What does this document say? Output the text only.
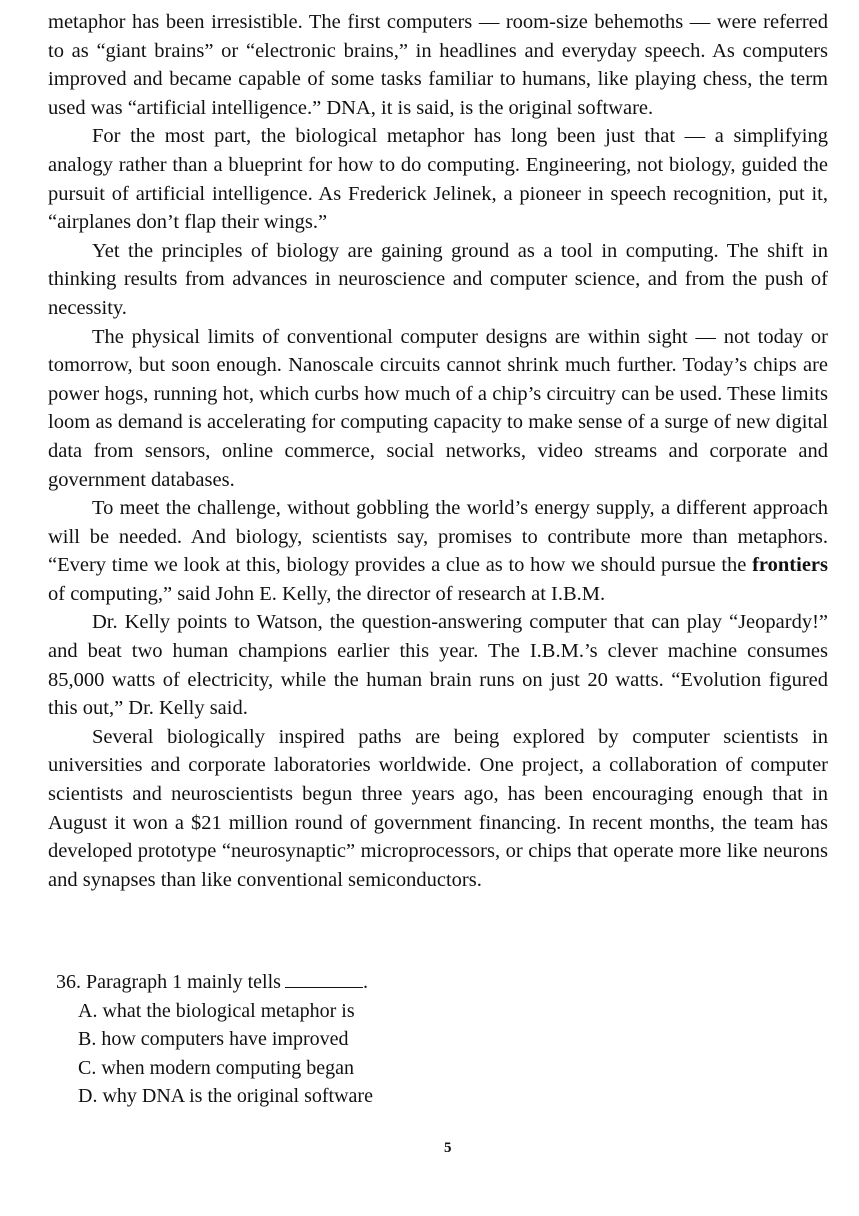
metaphor has been irresistible. The first computers — room-size behemoths — were referred to as “giant brains” or “electronic brains,” in headlines and everyday speech. As computers improved and became capable of some tasks familiar to humans, like playing chess, the term used was “artificial intelligence.” DNA, it is said, is the original software.

For the most part, the biological metaphor has long been just that — a simplifying analogy rather than a blueprint for how to do computing. Engineering, not biology, guided the pursuit of artificial intelligence. As Frederick Jelinek, a pioneer in speech recognition, put it, “airplanes don’t flap their wings.”

Yet the principles of biology are gaining ground as a tool in computing. The shift in thinking results from advances in neuroscience and computer science, and from the push of necessity.

The physical limits of conventional computer designs are within sight — not today or tomorrow, but soon enough. Nanoscale circuits cannot shrink much further. Today’s chips are power hogs, running hot, which curbs how much of a chip’s circuitry can be used. These limits loom as demand is accelerating for computing capacity to make sense of a surge of new digital data from sensors, online commerce, social networks, video streams and corporate and government databases.

To meet the challenge, without gobbling the world’s energy supply, a different approach will be needed. And biology, scientists say, promises to contribute more than metaphors. “Every time we look at this, biology provides a clue as to how we should pursue the frontiers of computing,” said John E. Kelly, the director of research at I.B.M.

Dr. Kelly points to Watson, the question-answering computer that can play “Jeopardy!” and beat two human champions earlier this year. The I.B.M.’s clever machine consumes 85,000 watts of electricity, while the human brain runs on just 20 watts. “Evolution figured this out,” Dr. Kelly said.

Several biologically inspired paths are being explored by computer scientists in universities and corporate laboratories worldwide. One project, a collaboration of computer scientists and neuroscientists begun three years ago, has been encouraging enough that in August it won a $21 million round of government financing. In recent months, the team has developed prototype “neurosynaptic” microprocessors, or chips that operate more like neurons and synapses than like conventional semiconductors.

36. Paragraph 1 mainly tells	.

A. what the biological metaphor is
B. how computers have improved
C. when modern computing began
D. why DNA is the original software
5
